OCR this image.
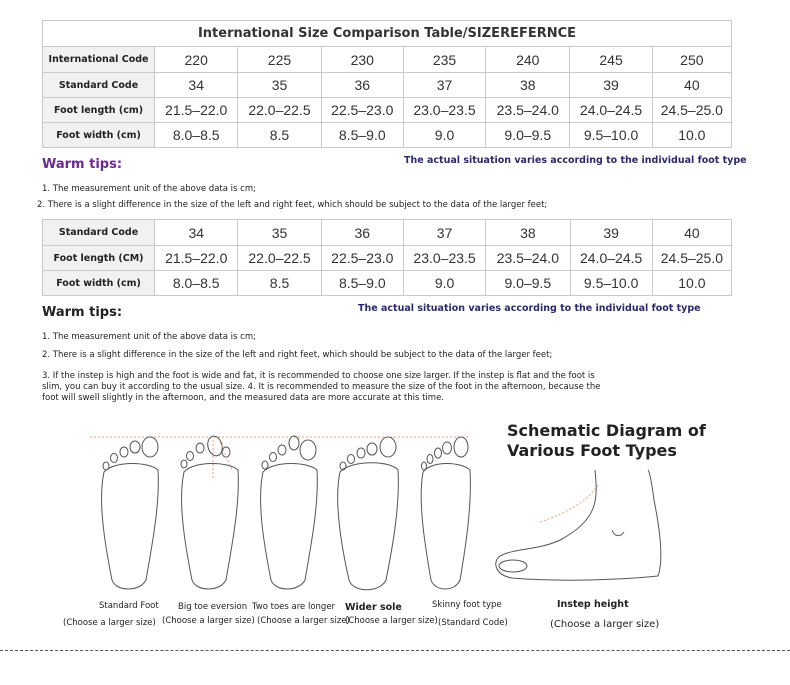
International Size Comparison Table/SIZEREFERNCE							
International Code	220	225	230	235	240	245	250
Standard Code	34	35	36	37	38	39	40
Foot length (cm)	21.5–22.0	22.0–22.5	22.5–23.0	23.0–23.5	23.5–24.0	24.0–24.5	24.5–25.0
Foot width (cm)	8.0–8.5	8.5	8.5–9.0	9.0	9.0–9.5	9.5–10.0	10.0
Warm tips:	The actual situation varies according to the individual foot type
1. The measurement unit of the above data is cm;
2. There is a slight difference in the size of the left and right feet, which should be subject to the data of the larger feet;
Standard Code	34	35	36	37	38	39	40
Foot length (CM)	21.5–22.0	22.0–22.5	22.5–23.0	23.0–23.5	23.5–24.0	24.0–24.5	24.5–25.0
Foot width (cm)	8.0–8.5	8.5	8.5–9.0	9.0	9.0–9.5	9.5–10.0	10.0
Warm tips:	The actual situation varies according to the individual foot type
1. The measurement unit of the above data is cm;
2. There is a slight difference in the size of the left and right feet, which should be subject to the data of the larger feet;
3. If the instep is high and the foot is wide and fat, it is recommended to choose one size larger. If the instep is flat and the foot is
slim, you can buy it according to the usual size. 4. It is recommended to measure the size of the foot in the afternoon, because the
foot will swell slightly in the afternoon, and the measured data are more accurate at this time.
Standard Foot
(Choose a larger size)
Big toe eversion
(Choose a larger size)
Two toes are longer
(Choose a larger size)
Wider sole
(Choose a larger size)
Skinny foot type
(Standard Code)
Schematic Diagram of
Various Foot Types
Instep height
(Choose a larger size)
